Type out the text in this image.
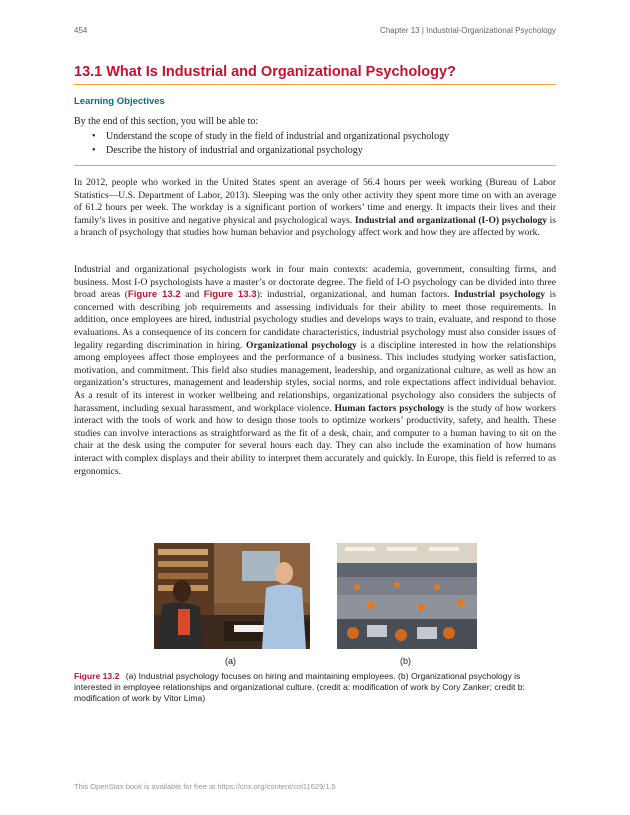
454	Chapter 13 | Industrial-Organizational Psychology
13.1 What Is Industrial and Organizational Psychology?
Learning Objectives
By the end of this section, you will be able to:
• Understand the scope of study in the field of industrial and organizational psychology
• Describe the history of industrial and organizational psychology

In 2012, people who worked in the United States spent an average of 56.4 hours per week working (Bureau of Labor Statistics—U.S. Department of Labor, 2013). Sleeping was the only other activity they spent more time on with an average of 61.2 hours per week. The workday is a significant portion of workers’ time and energy. It impacts their lives and their family’s lives in positive and negative physical and psychological ways. Industrial and organizational (I-O) psychology is a branch of psychology that studies how human behavior and psychology affect work and how they are affected by work.

Industrial and organizational psychologists work in four main contexts: academia, government, consulting firms, and business. Most I-O psychologists have a master’s or doctorate degree. The field of I-O psychology can be divided into three broad areas (Figure 13.2 and Figure 13.3): industrial, organizational, and human factors. Industrial psychology is concerned with describing job requirements and assessing individuals for their ability to meet those requirements. In addition, once employees are hired, industrial psychology studies and develops ways to train, evaluate, and respond to those evaluations. As a consequence of its concern for candidate characteristics, industrial psychology must also consider issues of legality regarding discrimination in hiring. Organizational psychology is a discipline interested in how the relationships among employees affect those employees and the performance of a business. This includes studying worker satisfaction, motivation, and commitment. This field also studies management, leadership, and organizational culture, as well as how an organization’s structures, management and leadership styles, social norms, and role expectations affect individual behavior. As a result of its interest in worker wellbeing and relationships, organizational psychology also considers the subjects of harassment, including sexual harassment, and workplace violence. Human factors psychology is the study of how workers interact with the tools of work and how to design those tools to optimize workers’ productivity, safety, and health. These studies can involve interactions as straightforward as the fit of a desk, chair, and computer to a human having to sit on the chair at the desk using the computer for several hours each day. They can also include the examination of how humans interact with complex displays and their ability to interpret them accurately and quickly. In Europe, this field is referred to as ergonomics.

(a)	(b)
Figure 13.2 (a) Industrial psychology focuses on hiring and maintaining employees. (b) Organizational psychology is interested in employee relationships and organizational culture. (credit a: modification of work by Cory Zanker; credit b: modification of work by Vitor Lima)
This OpenStax book is available for free at https://cnx.org/content/col11629/1.5
